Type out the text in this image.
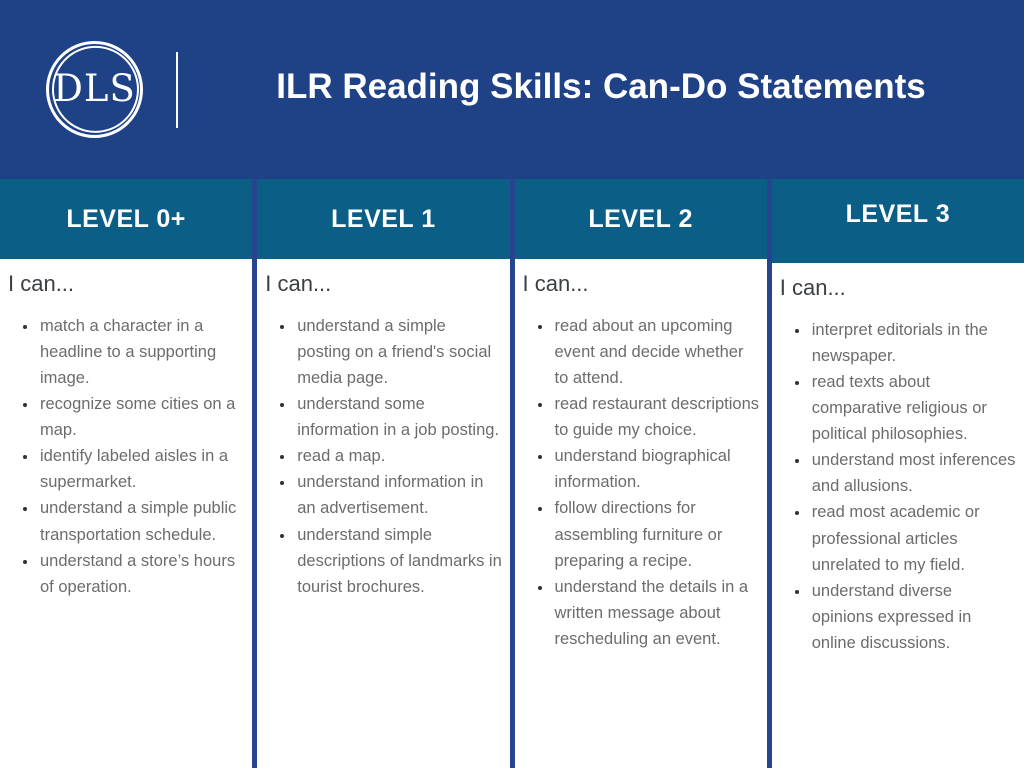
DLS	ILR Reading Skills: Can-Do Statements
LEVEL 0+	LEVEL 1	LEVEL 2	LEVEL 3
I can...
• match a character in a headline to a supporting image.
• recognize some cities on a map.
• identify labeled aisles in a supermarket.
• understand a simple public transportation schedule.
• understand a store’s hours of operation.
I can...
• understand a simple posting on a friend's social media page.
• understand some information in a job posting.
• read a map.
• understand information in an advertisement.
• understand simple descriptions of landmarks in tourist brochures.
I can...
• read about an upcoming event and decide whether to attend.
• read restaurant descriptions to guide my choice.
• understand biographical information.
• follow directions for assembling furniture or preparing a recipe.
• understand the details in a written message about rescheduling an event.
I can...
• interpret editorials in the newspaper.
• read texts about comparative religious or political philosophies.
• understand most inferences and allusions.
• read most academic or professional articles unrelated to my field.
• understand diverse opinions expressed in online discussions.
